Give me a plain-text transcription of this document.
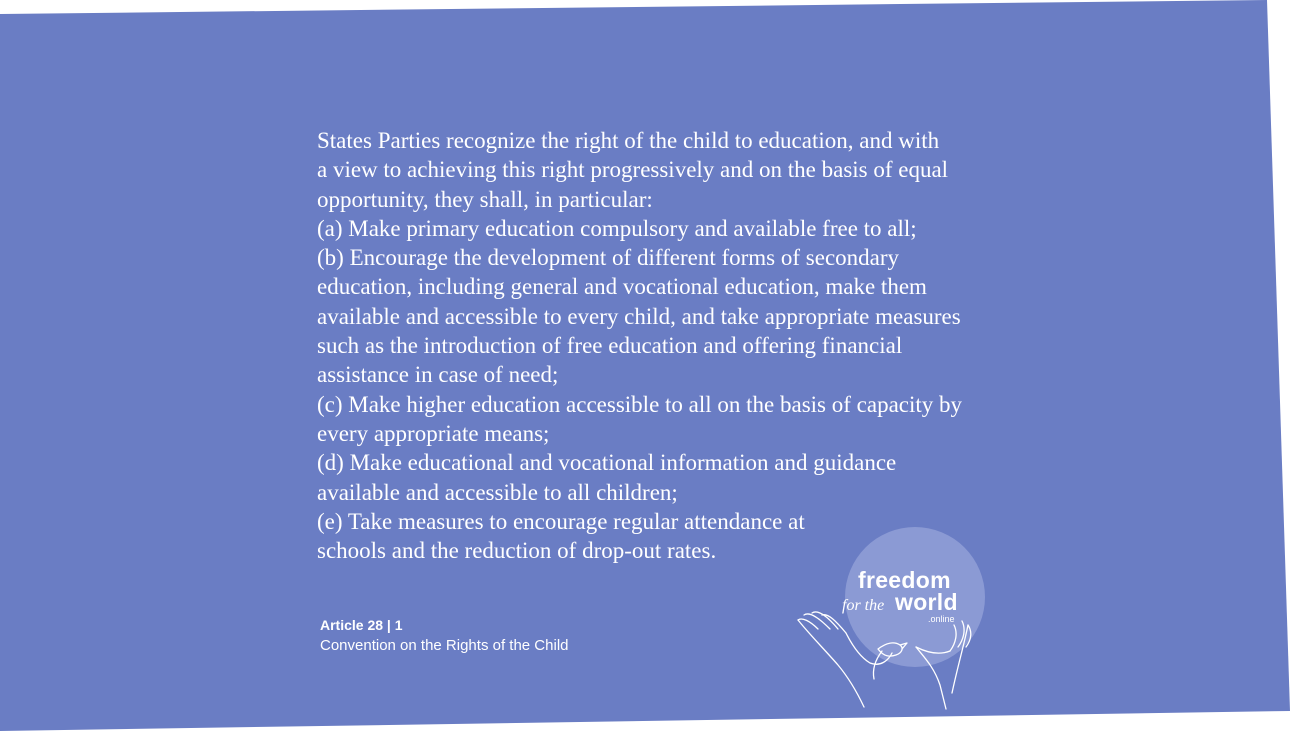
States Parties recognize the right of the child to education, and with
a view to achieving this right progressively and on the basis of equal
opportunity, they shall, in particular:
(a) Make primary education compulsory and available free to all;
(b) Encourage the development of different forms of secondary
education, including general and vocational education, make them
available and accessible to every child, and take appropriate measures
such as the introduction of free education and offering financial
assistance in case of need;
(c) Make higher education accessible to all on the basis of capacity by
every appropriate means;
(d) Make educational and vocational information and guidance
available and accessible to all children;
(e) Take measures to encourage regular attendance at
schools and the reduction of drop-out rates.
Article 28 | 1
Convention on the Rights of the Child
freedom
for the world
.online
